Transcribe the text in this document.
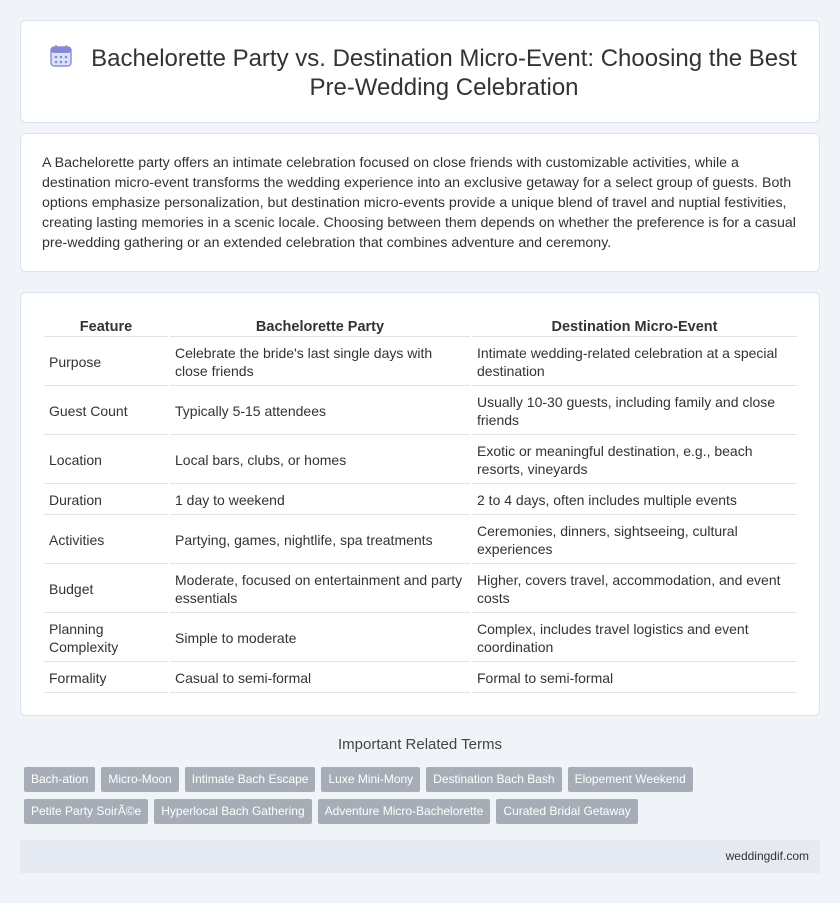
Bachelorette Party vs. Destination Micro-Event: Choosing the Best Pre-Wedding Celebration

A Bachelorette party offers an intimate celebration focused on close friends with customizable activities, while a destination micro-event transforms the wedding experience into an exclusive getaway for a select group of guests. Both options emphasize personalization, but destination micro-events provide a unique blend of travel and nuptial festivities, creating lasting memories in a scenic locale. Choosing between them depends on whether the preference is for a casual pre-wedding gathering or an extended celebration that combines adventure and ceremony.

Feature	Bachelorette Party	Destination Micro-Event
Purpose	Celebrate the bride's last single days with close friends	Intimate wedding-related celebration at a special destination
Guest Count	Typically 5-15 attendees	Usually 10-30 guests, including family and close friends
Location	Local bars, clubs, or homes	Exotic or meaningful destination, e.g., beach resorts, vineyards
Duration	1 day to weekend	2 to 4 days, often includes multiple events
Activities	Partying, games, nightlife, spa treatments	Ceremonies, dinners, sightseeing, cultural experiences
Budget	Moderate, focused on entertainment and party essentials	Higher, covers travel, accommodation, and event costs
Planning Complexity	Simple to moderate	Complex, includes travel logistics and event coordination
Formality	Casual to semi-formal	Formal to semi-formal
Important Related Terms
Bach-ation	Micro-Moon	Intimate Bach Escape	Luxe Mini-Mony	Destination Bach Bash	Elopement Weekend
Petite Party SoirÃ©e	Hyperlocal Bach Gathering	Adventure Micro-Bachelorette	Curated Bridal Getaway
weddingdif.com
